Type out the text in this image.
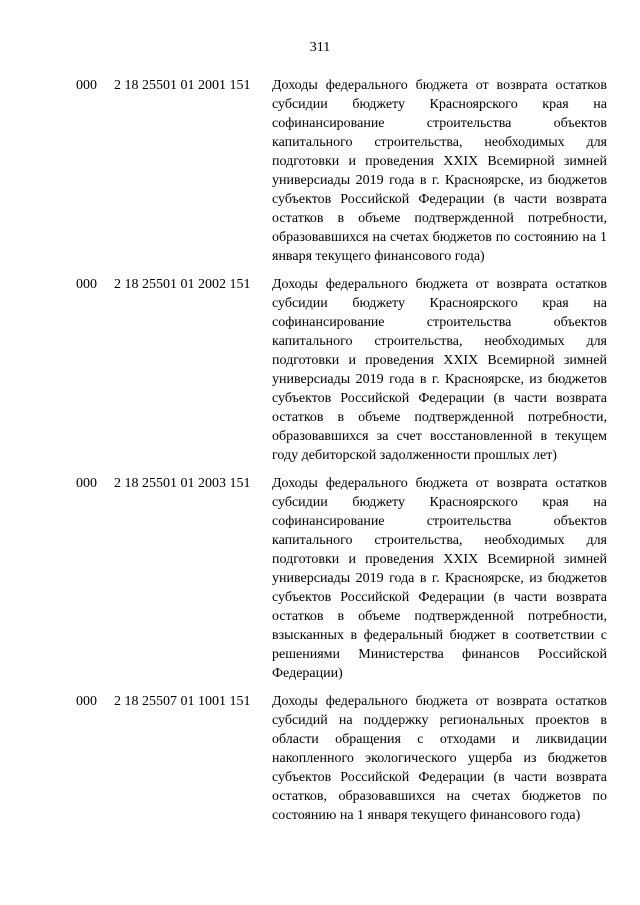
311
000	2 18 25501 01 2001 151	Доходы федерального бюджета от возврата остатков субсидии бюджету Красноярского края на софинансирование строительства объектов капитального строительства, необходимых для подготовки и проведения XXIX Всемирной зимней универсиады 2019 года в г. Красноярске, из бюджетов субъектов Российской Федерации (в части возврата остатков в объеме подтвержденной потребности, образовавшихся на счетах бюджетов по состоянию на 1 января текущего финансового года)
000	2 18 25501 01 2002 151	Доходы федерального бюджета от возврата остатков субсидии бюджету Красноярского края на софинансирование строительства объектов капитального строительства, необходимых для подготовки и проведения XXIX Всемирной зимней универсиады 2019 года в г. Красноярске, из бюджетов субъектов Российской Федерации (в части возврата остатков в объеме подтвержденной потребности, образовавшихся за счет восстановленной в текущем году дебиторской задолженности прошлых лет)
000	2 18 25501 01 2003 151	Доходы федерального бюджета от возврата остатков субсидии бюджету Красноярского края на софинансирование строительства объектов капитального строительства, необходимых для подготовки и проведения XXIX Всемирной зимней универсиады 2019 года в г. Красноярске, из бюджетов субъектов Российской Федерации (в части возврата остатков в объеме подтвержденной потребности, взысканных в федеральный бюджет в соответствии с решениями Министерства финансов Российской Федерации)
000	2 18 25507 01 1001 151	Доходы федерального бюджета от возврата остатков субсидий на поддержку региональных проектов в области обращения с отходами и ликвидации накопленного экологического ущерба из бюджетов субъектов Российской Федерации (в части возврата остатков, образовавшихся на счетах бюджетов по состоянию на 1 января текущего финансового года)
